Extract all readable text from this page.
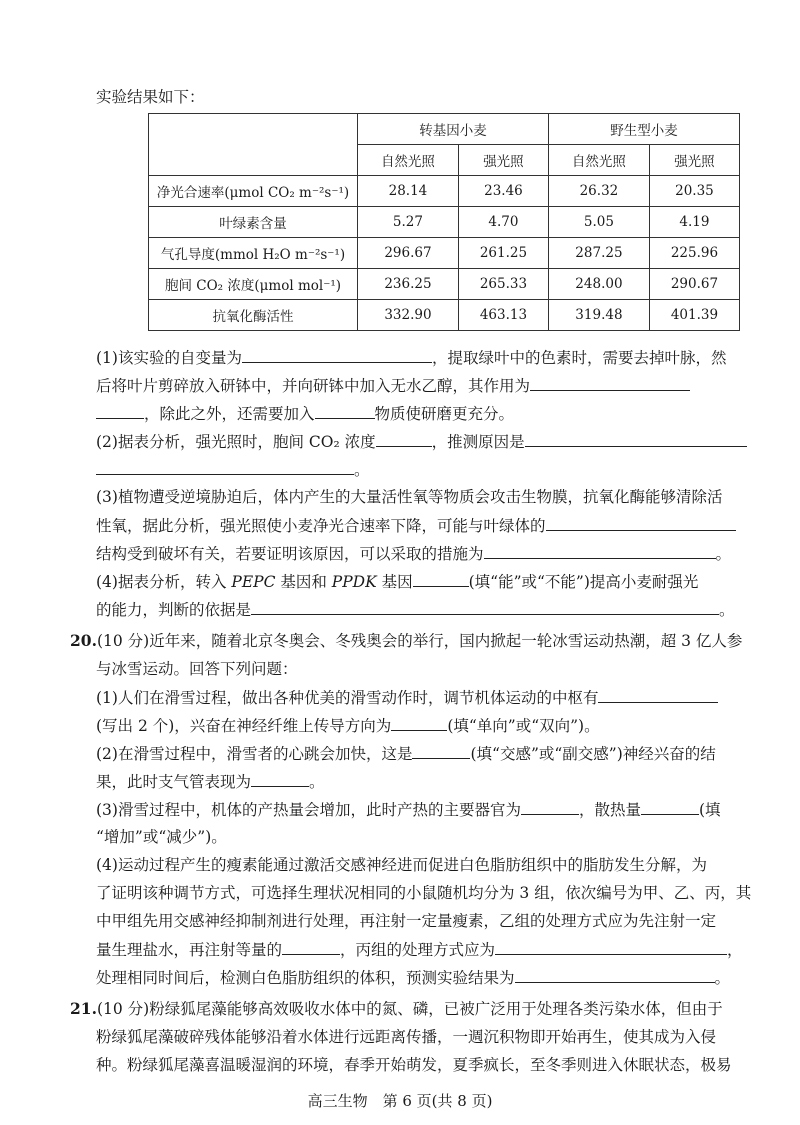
实验结果如下：
	转基因小麦		野生型小麦	
	自然光照	强光照	自然光照	强光照
净光合速率(μmol CO₂ m⁻²s⁻¹)	28.14	23.46	26.32	20.35
叶绿素含量	5.27	4.70	5.05	4.19
气孔导度(mmol H₂O m⁻²s⁻¹)	296.67	261.25	287.25	225.96
胞间 CO₂ 浓度(μmol mol⁻¹)	236.25	265.33	248.00	290.67
抗氧化酶活性	332.90	463.13	319.48	401.39
(1)该实验的自变量为	，提取绿叶中的色素时，需要去掉叶脉，然
后将叶片剪碎放入研钵中，并向研钵中加入无水乙醇，其作用为
，除此之外，还需要加入	物质使研磨更充分。
(2)据表分析，强光照时，胞间 CO₂ 浓度	，推测原因是
。
(3)植物遭受逆境胁迫后，体内产生的大量活性氧等物质会攻击生物膜，抗氧化酶能够清除活
性氧，据此分析，强光照使小麦净光合速率下降，可能与叶绿体的
结构受到破坏有关，若要证明该原因，可以采取的措施为	。
(4)据表分析，转入 PEPC 基因和 PPDK 基因	(填“能”或“不能”)提高小麦耐强光
的能力，判断的依据是	。
20.(10 分)近年来，随着北京冬奥会、冬残奥会的举行，国内掀起一轮冰雪运动热潮，超 3 亿人参
与冰雪运动。回答下列问题：
(1)人们在滑雪过程，做出各种优美的滑雪动作时，调节机体运动的中枢有
(写出 2 个)，兴奋在神经纤维上传导方向为	(填“单向”或“双向”)。
(2)在滑雪过程中，滑雪者的心跳会加快，这是	(填“交感”或“副交感”)神经兴奋的结
果，此时支气管表现为	。
(3)滑雪过程中，机体的产热量会增加，此时产热的主要器官为	，散热量	(填
“增加”或“减少”)。
(4)运动过程产生的瘦素能通过激活交感神经进而促进白色脂肪组织中的脂肪发生分解，为
了证明该种调节方式，可选择生理状况相同的小鼠随机均分为 3 组，依次编号为甲、乙、丙，其
中甲组先用交感神经抑制剂进行处理，再注射一定量瘦素，乙组的处理方式应为先注射一定
量生理盐水，再注射等量的	，丙组的处理方式应为	，
处理相同时间后，检测白色脂肪组织的体积，预测实验结果为	。
21.(10 分)粉绿狐尾藻能够高效吸收水体中的氮、磷，已被广泛用于处理各类污染水体，但由于
粉绿狐尾藻破碎残体能够沿着水体进行远距离传播，一週沉积物即开始再生，使其成为入侵
种。粉绿狐尾藻喜温暖湿润的环境，春季开始萌发，夏季疯长，至冬季则进入休眠状态，极易
高三生物　第 6 页(共 8 页)
